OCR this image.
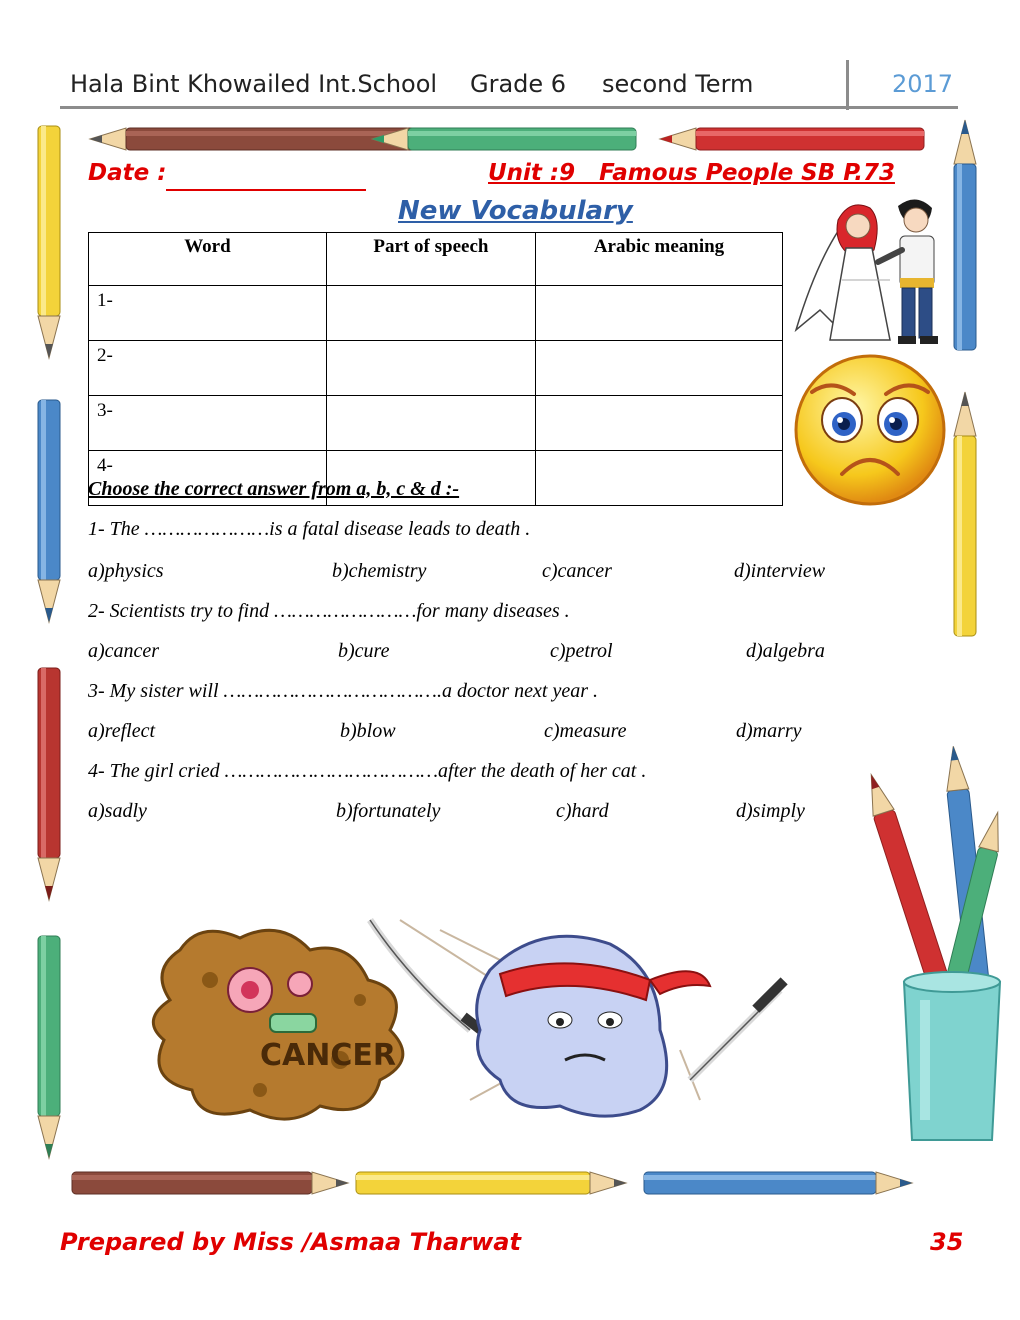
Hala Bint Khowailed Int.School Grade 6 second Term	2017
Date :	Unit :9   Famous People SB P.73
New Vocabulary
Word	Part of speech	Arabic meaning
1-		
2-		
3-		
4-		
Choose the correct answer from a, b, c & d :-
1- The …………………is a fatal disease leads to death .
a)physics	b)chemistry	c)cancer	d)interview
2- Scientists try to find ……………………for many diseases .
a)cancer	b)cure	c)petrol	d)algebra
3- My sister will ……………………………….a doctor next year .
a)reflect	b)blow	c)measure	d)marry
4- The girl cried ………………………………after the death of her cat .
a)sadly	b)fortunately	c)hard	d)simply
CANCER
Prepared by Miss /Asmaa Tharwat	35
